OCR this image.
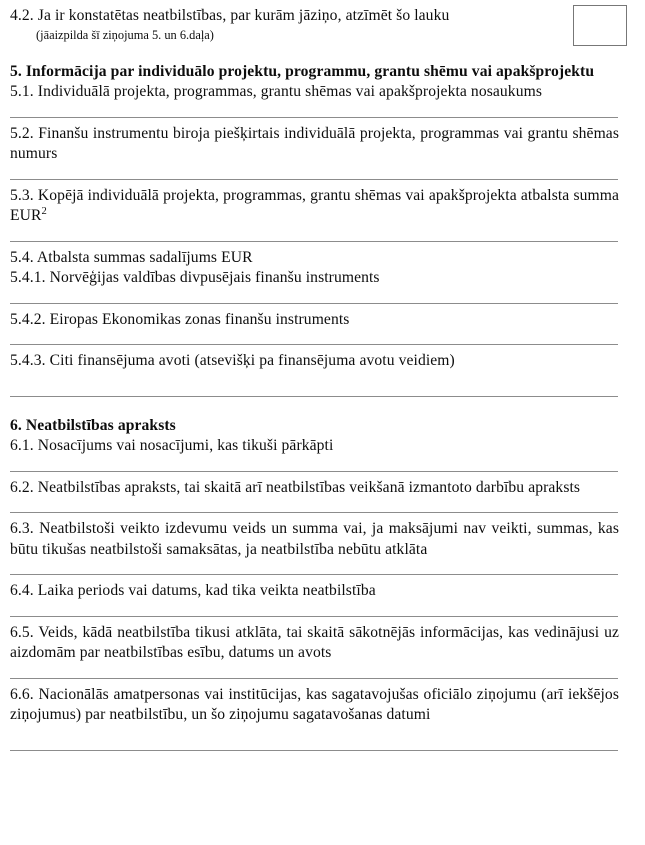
4.2. Ja ir konstatētas neatbilstības, par kurām jāziņo, atzīmēt šo lauku

(jāaizpilda šī ziņojuma 5. un 6.daļa)

5. Informācija par individuālo projektu, programmu, grantu shēmu vai apakšprojektu

5.1. Individuālā projekta, programmas, grantu shēmas vai apakšprojekta nosaukums

5.2. Finanšu instrumentu biroja piešķirtais individuālā projekta, programmas vai grantu shēmas numurs

5.3. Kopējā individuālā projekta, programmas, grantu shēmas vai apakšprojekta atbalsta summa EUR$^2$

5.4. Atbalsta summas sadalījums EUR

5.4.1. Norvēģijas valdības divpusējais finanšu instruments

5.4.2. Eiropas Ekonomikas zonas finanšu instruments

5.4.3. Citi finansējuma avoti (atsevišķi pa finansējuma avotu veidiem)

6. Neatbilstības apraksts

6.1. Nosacījums vai nosacījumi, kas tikuši pārkāpti

6.2. Neatbilstības apraksts, tai skaitā arī neatbilstības veikšanā izmantoto darbību apraksts

6.3. Neatbilstoši veikto izdevumu veids un summa vai, ja maksājumi nav veikti, summas, kas būtu tikušas neatbilstoši samaksātas, ja neatbilstība nebūtu atklāta

6.4. Laika periods vai datums, kad tika veikta neatbilstība

6.5. Veids, kādā neatbilstība tikusi atklāta, tai skaitā sākotnējās informācijas, kas vedinājusi uz aizdomām par neatbilstības esību, datums un avots

6.6. Nacionālās amatpersonas vai institūcijas, kas sagatavojušas oficiālo ziņojumu (arī iekšējos ziņojumus) par neatbilstību, un šo ziņojumu sagatavošanas datumi
